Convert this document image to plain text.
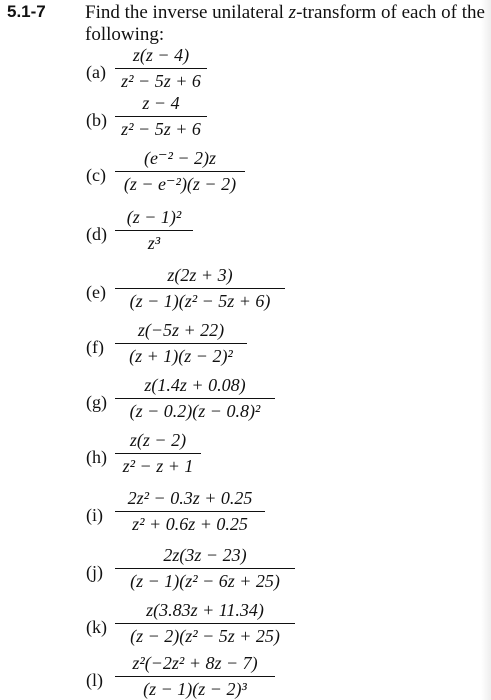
5.1-7 Find the inverse unilateral z-transform of each of the following:
(a)
z(z − 4)
z² − 5z + 6
(b)
z − 4
z² − 5z + 6
(c)
(e⁻² − 2)z
(z − e⁻²)(z − 2)
(d)
(z − 1)²
z³
(e)
z(2z + 3)
(z − 1)(z² − 5z + 6)
(f)
z(−5z + 22)
(z + 1)(z − 2)²
(g)
z(1.4z + 0.08)
(z − 0.2)(z − 0.8)²
(h)
z(z − 2)
z² − z + 1
(i)
2z² − 0.3z + 0.25
z² + 0.6z + 0.25
(j)
2z(3z − 23)
(z − 1)(z² − 6z + 25)
(k)
z(3.83z + 11.34)
(z − 2)(z² − 5z + 25)
(l)
z²(−2z² + 8z − 7)
(z − 1)(z − 2)³
